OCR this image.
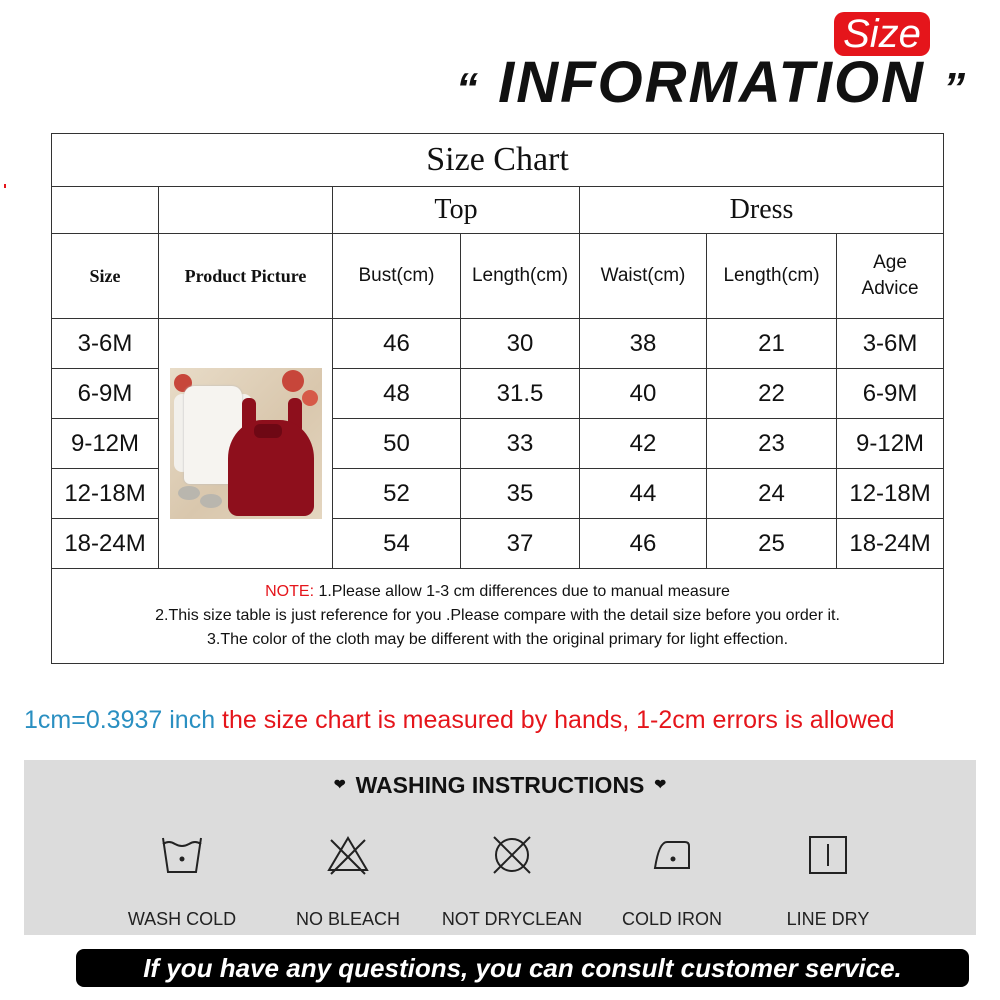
Size
“ INFORMATION ”
Size Chart						
		Top		Dress		
Size	Product Picture	Bust(cm)	Length(cm)	Waist(cm)	Length(cm)	Age
Advice
3-6M		46	30	38	21	3-6M
6-9M		48	31.5	40	22	6-9M
9-12M		50	33	42	23	9-12M
12-18M		52	35	44	24	12-18M
18-24M		54	37	46	25	18-24M
NOTE: 1.Please allow 1-3 cm differences due to manual measure
2.This size table is just reference for you .Please compare with the detail size before you order it.
3.The color of the cloth may be different with the original primary for light effection.						
1cm=0.3937 inch the size chart is measured by hands, 1-2cm errors is allowed
❤ WASHING INSTRUCTIONS ❤
WASH COLD	NO BLEACH	NOT DRYCLEAN	COLD IRON	LINE DRY
If you have any questions, you can consult customer service.
